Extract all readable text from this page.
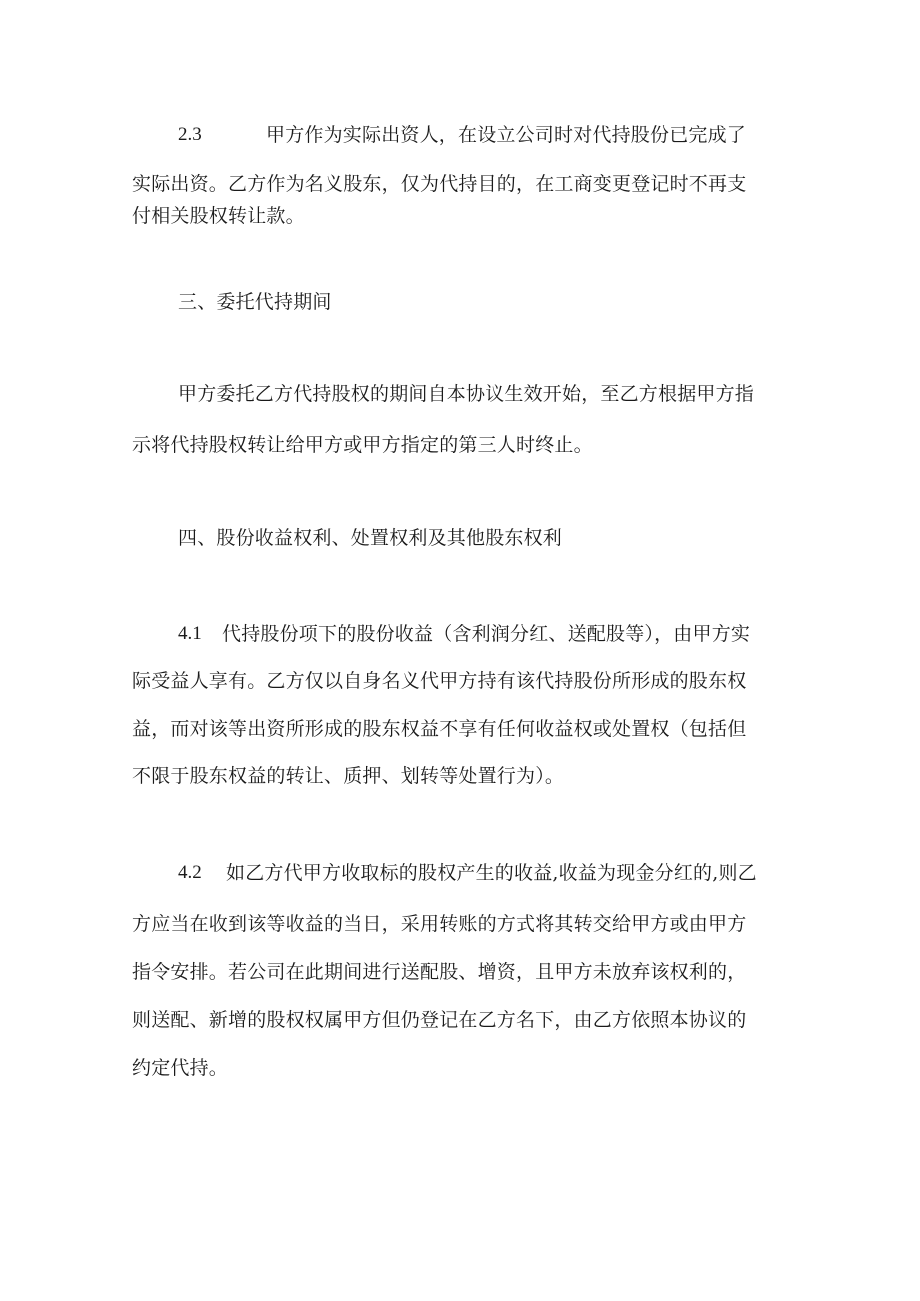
2.3	甲方作为实际出资人，在设立公司时对代持股份已完成了
实际出资。乙方作为名义股东，仅为代持目的，在工商变更登记时不再支
付相关股权转让款。
三、委托代持期间
甲方委托乙方代持股权的期间自本协议生效开始，至乙方根据甲方指
示将代持股权转让给甲方或甲方指定的第三人时终止。
四、股份收益权利、处置权利及其他股东权利
4.1 代持股份项下的股份收益（含利润分红、送配股等），由甲方实
际受益人享有。乙方仅以自身名义代甲方持有该代持股份所形成的股东权
益，而对该等出资所形成的股东权益不享有任何收益权或处置权（包括但
不限于股东权益的转让、质押、划转等处置行为）。
4.2 如乙方代甲方收取标的股权产生的收益,收益为现金分红的,则乙
方应当在收到该等收益的当日，采用转账的方式将其转交给甲方或由甲方
指令安排。若公司在此期间进行送配股、增资，且甲方未放弃该权利的，
则送配、新增的股权权属甲方但仍登记在乙方名下，由乙方依照本协议的
约定代持。
